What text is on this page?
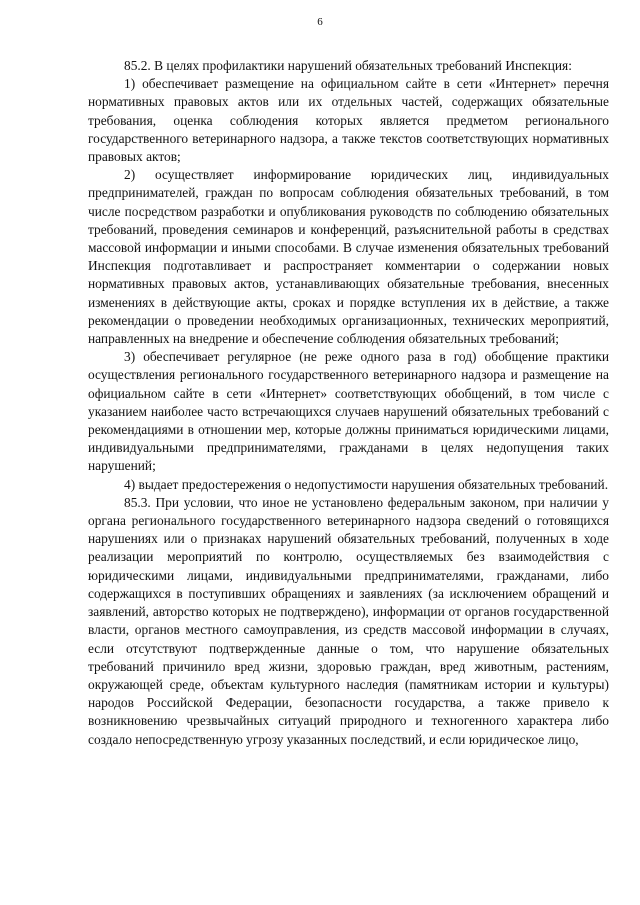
6

85.2. В целях профилактики нарушений обязательных требований Инспекция:

1) обеспечивает размещение на официальном сайте в сети «Интернет» перечня нормативных правовых актов или их отдельных частей, содержащих обязательные требования, оценка соблюдения которых является предметом регионального государственного ветеринарного надзора, а также текстов соответствующих нормативных правовых актов;

2) осуществляет информирование юридических лиц, индивидуальных предпринимателей, граждан по вопросам соблюдения обязательных требований, в том числе посредством разработки и опубликования руководств по соблюдению обязательных требований, проведения семинаров и конференций, разъяснительной работы в средствах массовой информации и иными способами. В случае изменения обязательных требований Инспекция подготавливает и распространяет комментарии о содержании новых нормативных правовых актов, устанавливающих обязательные требования, внесенных изменениях в действующие акты, сроках и порядке вступления их в действие, а также рекомендации о проведении необходимых организационных, технических мероприятий, направленных на внедрение и обеспечение соблюдения обязательных требований;

3) обеспечивает регулярное (не реже одного раза в год) обобщение практики осуществления регионального государственного ветеринарного надзора и размещение на официальном сайте в сети «Интернет» соответствующих обобщений, в том числе с указанием наиболее часто встречающихся случаев нарушений обязательных требований с рекомендациями в отношении мер, которые должны приниматься юридическими лицами, индивидуальными предпринимателями, гражданами в целях недопущения таких нарушений;

4) выдает предостережения о недопустимости нарушения обязательных требований.

85.3. При условии, что иное не установлено федеральным законом, при наличии у органа регионального государственного ветеринарного надзора сведений о готовящихся нарушениях или о признаках нарушений обязательных требований, полученных в ходе реализации мероприятий по контролю, осуществляемых без взаимодействия с юридическими лицами, индивидуальными предпринимателями, гражданами, либо содержащихся в поступивших обращениях и заявлениях (за исключением обращений и заявлений, авторство которых не подтверждено), информации от органов государственной власти, органов местного самоуправления, из средств массовой информации в случаях, если отсутствуют подтвержденные данные о том, что нарушение обязательных требований причинило вред жизни, здоровью граждан, вред животным, растениям, окружающей среде, объектам культурного наследия (памятникам истории и культуры) народов Российской Федерации, безопасности государства, а также привело к возникновению чрезвычайных ситуаций природного и техногенного характера либо создало непосредственную угрозу указанных последствий, и если юридическое лицо,
